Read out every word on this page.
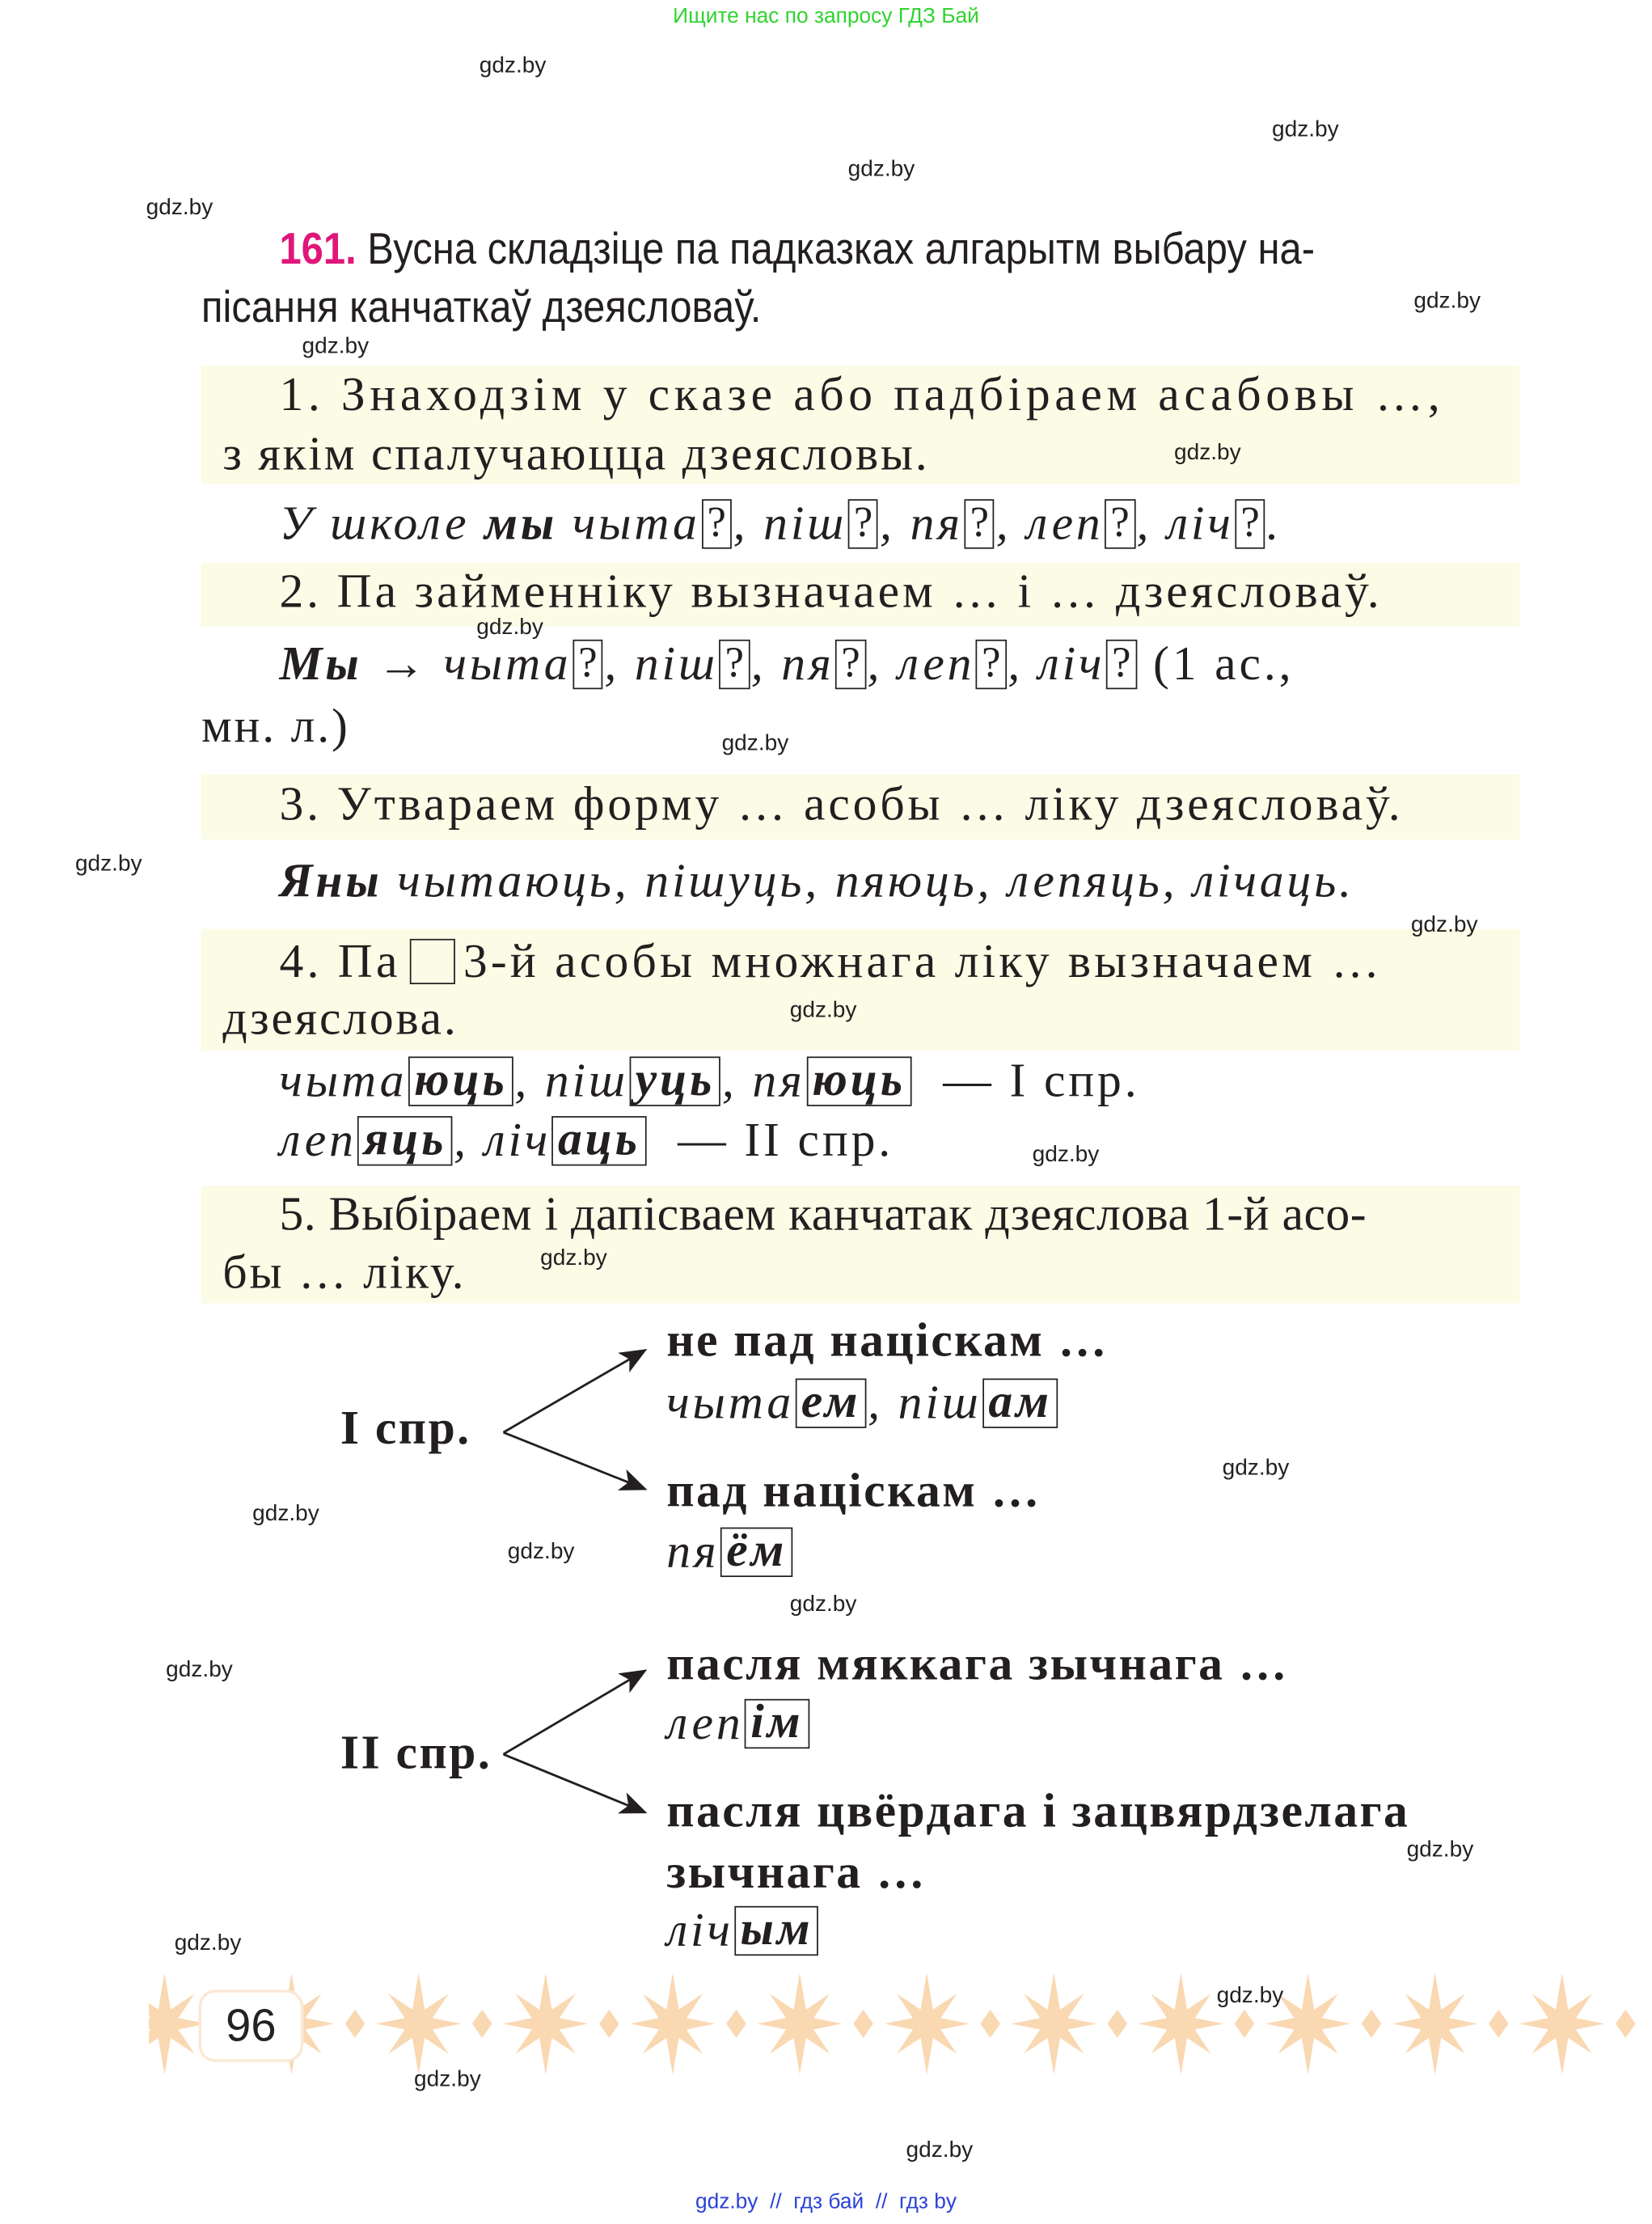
Ищите нас по запросу ГДЗ Бай
gdz.by
gdz.by
gdz.by
gdz.by
gdz.by
gdz.by
gdz.by
gdz.by
gdz.by
gdz.by
gdz.by
gdz.by
gdz.by
gdz.by
gdz.by
gdz.by
gdz.by
gdz.by
gdz.by
gdz.by
gdz.by
gdz.by
gdz.by
161. Вусна складзіце па падказках алгарытм выбару на-
пісання канчаткаў дзеясловаў.
1. Знаходзім у сказе або падбіраем асабовы …,
з якім спалучаюцца дзеясловы.
У школе мы чыта ? , піш ? , пя ? , леп ? , ліч ? .
2. Па займенніку вызначаем … і … дзеясловаў.
Мы → чыта ? , піш ? , пя ? , леп ? , ліч ? (1 ас.,
мн. л.)
3. Утвараем форму … асобы … ліку дзеясловаў.
Яны чытаюць, пішуць, пяюць, лепяць, лічаць.
4. Па 3-й асобы множнага ліку вызначаем …
дзеяслова.
чыта юць , піш уць , пя юць — I спр.
леп яць , ліч аць — II спр.
5. Выбіраем і дапісваем канчатак дзеяслова 1-й асо-
бы … ліку.
I спр.
не пад націскам …
чыта ем , піш ам
пад націскам …
пя ём
II спр.
пасля мяккага зычнага …
леп ім
пасля цвёрдага і зацвярдзелага
зычнага …
ліч ым
96
gdz.by
gdz.by  //  гдз бай  //  гдз by
